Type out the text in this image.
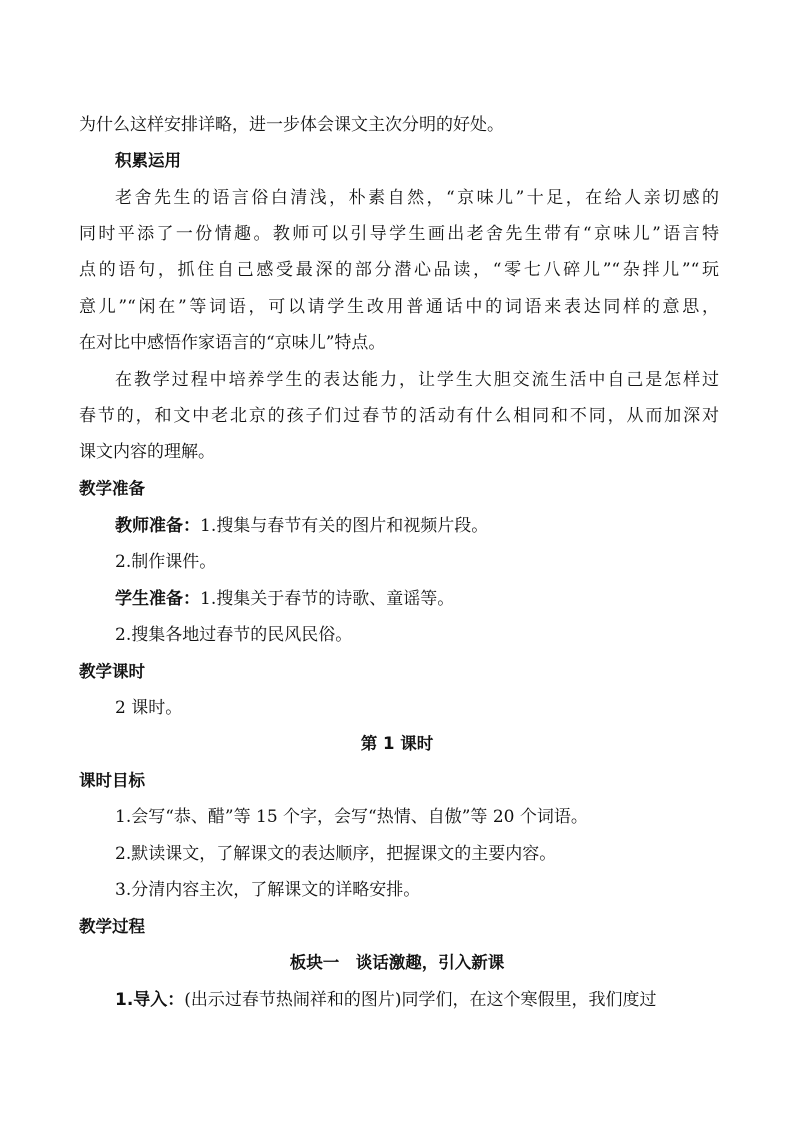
为什么这样安排详略，进一步体会课文主次分明的好处。
积累运用
老舍先生的语言俗白清浅，朴素自然，“京味儿”十足，在给人亲切感的
同时平添了一份情趣。教师可以引导学生画出老舍先生带有“京味儿”语言特
点的语句，抓住自己感受最深的部分潜心品读，“零七八碎儿”“杂拌儿”“玩
意儿”“闲在”等词语，可以请学生改用普通话中的词语来表达同样的意思，
在对比中感悟作家语言的“京味儿”特点。
在教学过程中培养学生的表达能力，让学生大胆交流生活中自己是怎样过
春节的，和文中老北京的孩子们过春节的活动有什么相同和不同，从而加深对
课文内容的理解。
教学准备
教师准备：1.搜集与春节有关的图片和视频片段。
2.制作课件。
学生准备：1.搜集关于春节的诗歌、童谣等。
2.搜集各地过春节的民风民俗。
教学课时
2 课时。
第 1 课时
课时目标
1.会写“恭、醋”等 15 个字，会写“热情、自傲”等 20 个词语。
2.默读课文，了解课文的表达顺序，把握课文的主要内容。
3.分清内容主次，了解课文的详略安排。
教学过程
板块一　谈话激趣，引入新课
1.导入：(出示过春节热闹祥和的图片)同学们，在这个寒假里，我们度过
